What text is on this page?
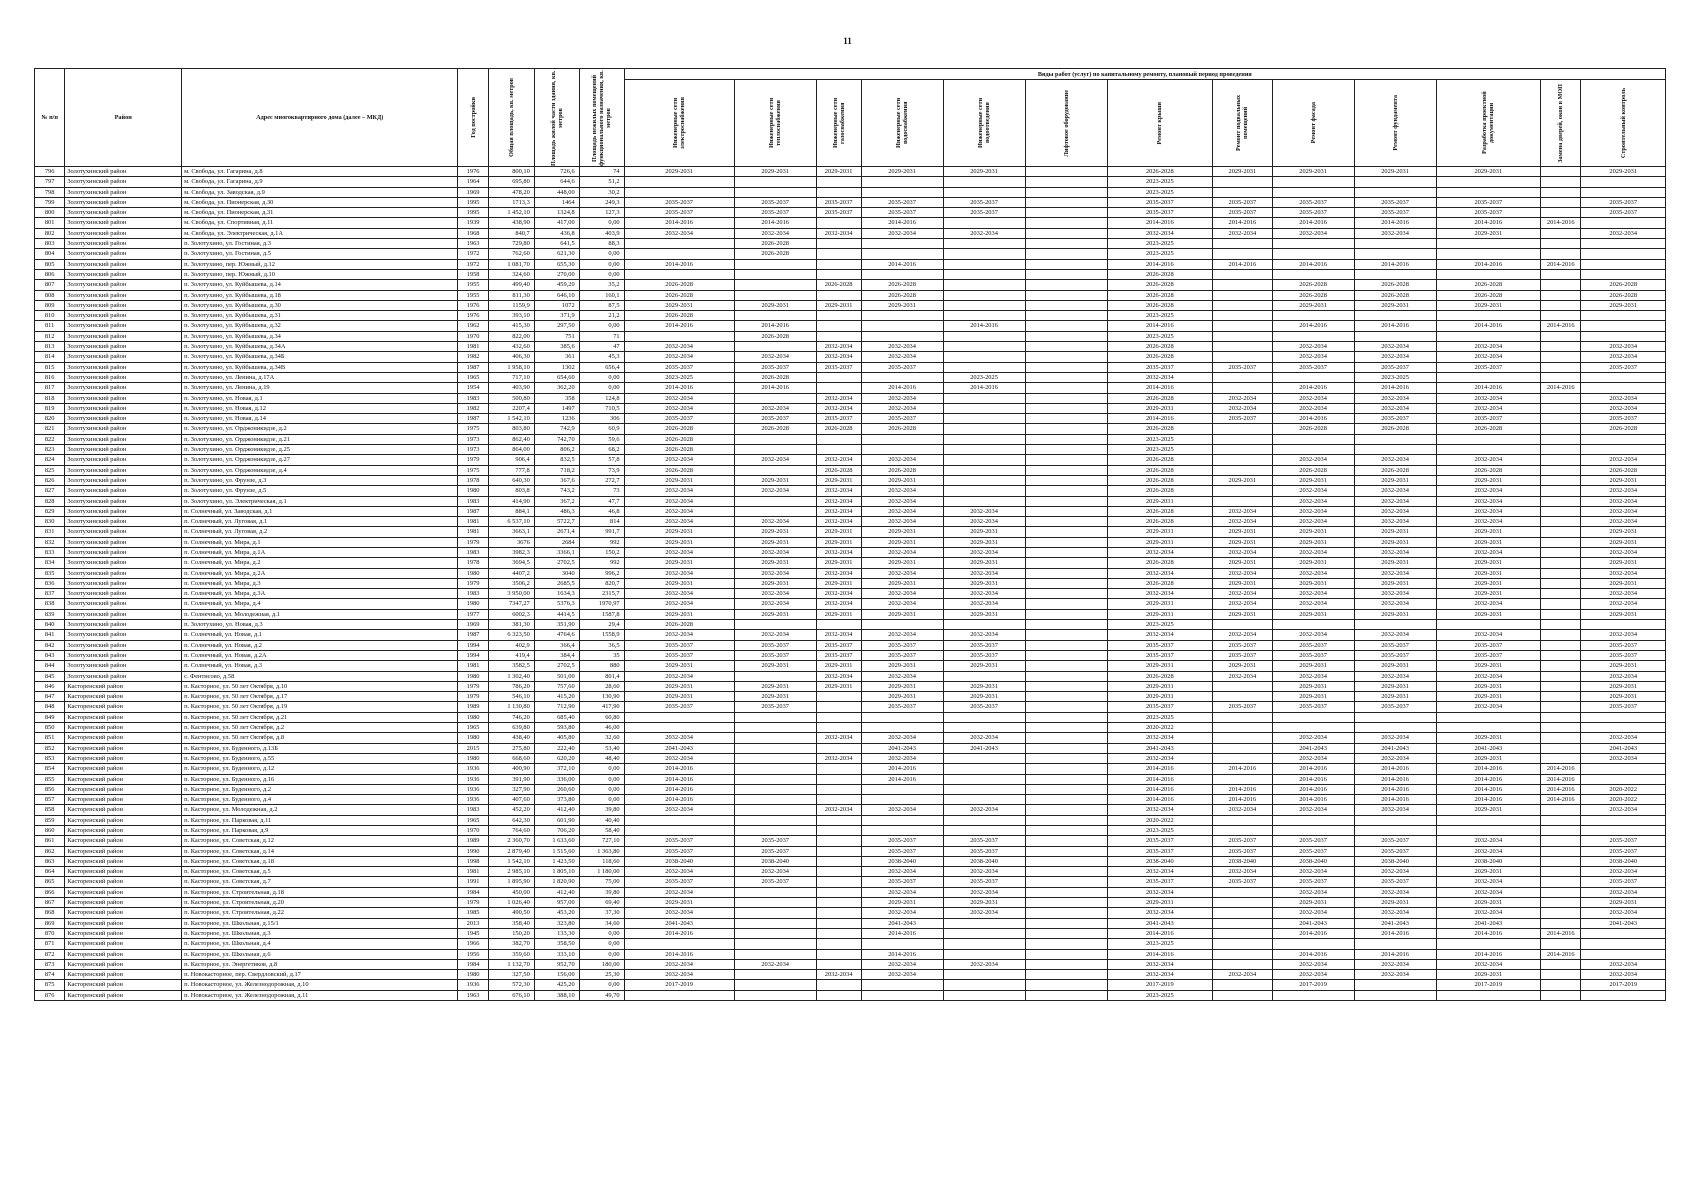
11
№ п/п	Район	Адрес многоквартирного дома (далее – МКД)	Год постройки	Общая площадь, кв. метров	Площадь жилой части здания, кв. метров	Площадь нежилых помещений функционального назначения, кв. метров	Виды работ (услуг) по капитальному ремонту, плановый период проведения												

							Инженерные сети электроснабжения	Инженерные сети теплоснабжения	Инженерные сети газоснабжения	Инженерные сети водоснабжения	Инженерные сети водоотведения	Лифтовое оборудование	Ремонт крыши	Ремонт подвальных помещений	Ремонт фасада	Ремонт фундамента	Разработка проектной документации	Замена дверей, окон в МОП	Строительный контроль

796	Золотухинский район	м. Свобода, ул. Гагарина, д.8	1976	800,10	726,6	74	2029-2031	2029-2031	2029-2031	2029-2031	2029-2031		2026-2028	2029-2031	2029-2031	2029-2031	2029-2031		2029-2031
797	Золотухинский район	м. Свобода, ул. Гагарина, д.9	1964	695,80	644,6	51,2							2023-2025						
798	Золотухинский район	м. Свобода, ул. Заводская, д.9	1969	478,20	448,00	30,2							2023-2025						
799	Золотухинский район	м. Свобода, ул. Пионерская, д.30	1995	1713,3	1464	249,3	2035-2037	2035-2037	2035-2037	2035-2037	2035-2037		2035-2037	2035-2037	2035-2037	2035-2037	2035-2037		2035-2037
800	Золотухинский район	м. Свобода, ул. Пионерская, д.31	1995	1 452,10	1324,8	127,3	2035-2037	2035-2037	2035-2037	2035-2037	2035-2037		2035-2037	2035-2037	2035-2037	2035-2037	2035-2037		2035-2037
801	Золотухинский район	м. Свобода, ул. Спортивная, д.11	1939	438,90	417,00	0,00	2014-2016	2014-2016		2014-2016			2014-2016	2014-2016	2014-2016	2014-2016	2014-2016	2014-2016	
802	Золотухинский район	м. Свобода, ул. Электрическая, д.1А	1968	840,7	436,8	403,9	2032-2034	2032-2034	2032-2034	2032-2034	2032-2034		2032-2034	2032-2034	2032-2034	2032-2034	2029-2031		2032-2034
803	Золотухинский район	п. Золотухино, ул. Гостиная, д.3	1963	729,80	641,5	88,3		2026-2028					2023-2025						
804	Золотухинский район	п. Золотухино, ул. Гостиная, д.5	1972	762,60	621,30	0,00		2026-2028					2023-2025						
805	Золотухинский район	п. Золотухино, пер. Южный, д.12	1972	1 081,70	655,30	0,00	2014-2016			2014-2016			2014-2016	2014-2016	2014-2016	2014-2016	2014-2016	2014-2016	
806	Золотухинский район	п. Золотухино, пер. Южный, д.10	1958	324,60	270,00	0,00							2026-2028						
807	Золотухинский район	п. Золотухино, ул. Куйбышева, д.14	1955	499,40	459,20	35,2	2026-2028		2026-2028	2026-2028			2026-2028		2026-2028	2026-2028	2026-2028		2026-2028
808	Золотухинский район	п. Золотухино, ул. Куйбышева, д.18	1955	811,30	646,10	160,1	2026-2028			2026-2028			2026-2028		2026-2028	2026-2028	2026-2028		2026-2028
809	Золотухинский район	п. Золотухино, ул. Куйбышева, д.30	1976	1159,9	1072	87,5	2029-2031	2029-2031	2029-2031	2029-2031			2026-2028		2029-2031	2029-2031	2029-2031		2029-2031
810	Золотухинский район	п. Золотухино, ул. Куйбышева, д.31	1976	393,10	371,9	21,2	2026-2028						2023-2025						
811	Золотухинский район	п. Золотухино, ул. Куйбышева, д.32	1962	415,30	297,50	0,00	2014-2016	2014-2016			2014-2016		2014-2016		2014-2016	2014-2016	2014-2016	2014-2016	
812	Золотухинский район	п. Золотухино, ул. Куйбышева, д.34	1970	822,00	751	71		2026-2028					2023-2025						
813	Золотухинский район	п. Золотухино, ул. Куйбышева, д.34А	1981	432,60	385,6	47	2032-2034		2032-2034	2032-2034			2026-2028		2032-2034	2032-2034	2032-2034		2032-2034
814	Золотухинский район	п. Золотухино, ул. Куйбышева, д.34Б	1982	406,30	361	45,3	2032-2034	2032-2034	2032-2034	2032-2034			2026-2028		2032-2034	2032-2034	2032-2034		2032-2034
815	Золотухинский район	п. Золотухино, ул. Куйбышева, д.34В	1987	1 958,10	1302	656,4	2035-2037	2035-2037	2035-2037	2035-2037			2035-2037	2035-2037	2035-2037	2035-2037	2035-2037		2035-2037
816	Золотухинский район	п. Золотухино, ул. Ленина, д.17А	1965	717,10	654,60	0,00	2023-2025	2026-2028			2023-2025		2032-2034			2023-2025			
817	Золотухинский район	п. Золотухино, ул. Ленина, д.19	1954	403,90	362,20	0,00	2014-2016	2014-2016		2014-2016	2014-2016		2014-2016		2014-2016	2014-2016	2014-2016	2014-2016	
818	Золотухинский район	п. Золотухино, ул. Новая, д.1	1983	500,80	358	124,8	2032-2034		2032-2034	2032-2034			2026-2028	2032-2034	2032-2034	2032-2034	2032-2034		2032-2034
819	Золотухинский район	п. Золотухино, ул. Новая, д.12	1982	2207,4	1497	710,5	2032-2034	2032-2034	2032-2034	2032-2034			2029-2031	2032-2034	2032-2034	2032-2034	2032-2034		2032-2034
820	Золотухинский район	п. Золотухино, ул. Новая, д.14	1987	1 542,10	1236	306	2035-2037	2035-2037	2035-2037	2035-2037			2014-2016	2035-2037	2014-2016	2035-2037	2035-2037		2035-2037
821	Золотухинский район	п. Золотухино, ул. Орджоникидзе, д.2	1975	803,80	742,9	60,9	2026-2028	2026-2028	2026-2028	2026-2028			2026-2028		2026-2028	2026-2028	2026-2028		2026-2028
822	Золотухинский район	п. Золотухино, ул. Орджоникидзе, д.21	1973	862,40	742,70	59,6	2026-2028						2023-2025						
823	Золотухинский район	п. Золотухино, ул. Орджоникидзе, д.25	1973	864,00	806,2	68,2	2026-2028						2023-2025						
824	Золотухинский район	п. Золотухино, ул. Орджоникидзе, д.27	1979	906,4	832,5	57,8	2032-2034	2032-2034	2032-2034	2032-2034			2026-2028		2032-2034	2032-2034	2032-2034		2032-2034
825	Золотухинский район	п. Золотухино, ул. Орджоникидзе, д.4	1975	777,8	718,2	73,9	2026-2028		2026-2028	2026-2028			2026-2028		2026-2028	2026-2028	2026-2028		2026-2028
826	Золотухинский район	п. Золотухино, ул. Фрунзе, д.3	1978	640,30	367,6	272,7	2029-2031	2029-2031	2029-2031	2029-2031			2026-2028	2029-2031	2029-2031	2029-2031	2029-2031		2029-2031
827	Золотухинский район	п. Золотухино, ул. Фрунзе, д.5	1980	803,8	743,2	73	2032-2034	2032-2034	2032-2034	2032-2034			2026-2028		2032-2034	2032-2034	2032-2034		2032-2034
828	Золотухинский район	п. Золотухино, ул. Электрическая, д.1	1983	414,90	367,2	47,7	2032-2034		2032-2034	2032-2034			2029-2031		2032-2034	2032-2034	2032-2034		2032-2034
829	Золотухинский район	п. Солнечный, ул. Заводская, д.1	1987	884,1	486,3	46,8	2032-2034		2032-2034	2032-2034	2032-2034		2026-2028	2032-2034	2032-2034	2032-2034	2032-2034		2032-2034
830	Золотухинский район	п. Солнечный, ул. Луговая, д.1	1981	6 537,10	5722,7	814	2032-2034	2032-2034	2032-2034	2032-2034	2032-2034		2026-2028	2032-2034	2032-2034	2032-2034	2032-2034		2032-2034
831	Золотухинский район	п. Солнечный, ул. Луговая, д.2	1981	3663,1	2671,4	991,7	2029-2031	2029-2031	2029-2031	2029-2031	2029-2031		2029-2031	2029-2031	2029-2031	2029-2031	2029-2031		2029-2031
832	Золотухинский район	п. Солнечный, ул. Мира, д.1	1979	3676	2684	992	2029-2031	2029-2031	2029-2031	2029-2031	2029-2031		2029-2031	2029-2031	2029-2031	2029-2031	2029-2031		2029-2031
833	Золотухинский район	п. Солнечный, ул. Мира, д.1А	1983	3982,3	3366,1	150,2	2032-2034	2032-2034	2032-2034	2032-2034	2032-2034		2032-2034	2032-2034	2032-2034	2032-2034	2032-2034		2032-2034
834	Золотухинский район	п. Солнечный, ул. Мира, д.2	1978	3694,5	2702,5	992	2029-2031	2029-2031	2029-2031	2029-2031	2029-2031		2026-2028	2029-2031	2029-2031	2029-2031	2029-2031		2029-2031
835	Золотухинский район	п. Солнечный, ул. Мира, д.2А	1980	4407,2	3040	996,2	2032-2034	2032-2034	2032-2034	2032-2034	2032-2034		2032-2034	2032-2034	2032-2034	2032-2034	2029-2031		2032-2034
836	Золотухинский район	п. Солнечный, ул. Мира, д.3	1979	3506,2	2685,5	820,7	2029-2031	2029-2031	2029-2031	2029-2031	2029-2031		2026-2028	2029-2031	2029-2031	2029-2031	2029-2031		2029-2031
837	Золотухинский район	п. Солнечный, ул. Мира, д.3А	1983	3 950,00	1634,3	2315,7	2032-2034	2032-2034	2032-2034	2032-2034	2032-2034		2032-2034	2032-2034	2032-2034	2032-2034	2029-2031		2032-2034
838	Золотухинский район	п. Солнечный, ул. Мира, д.4	1980	7347,27	5376,3	1970,97	2032-2034	2032-2034	2032-2034	2032-2034	2032-2034		2029-2031	2032-2034	2032-2034	2032-2034	2032-2034		2032-2034
839	Золотухинский район	п. Солнечный, ул. Молодежная, д.1	1977	6002,3	4414,5	1587,8	2029-2031	2029-2031	2029-2031	2029-2031	2029-2031		2029-2031	2029-2031	2029-2031	2029-2031	2029-2031		2029-2031
840	Золотухинский район	п. Золотухино, ул. Новая, д.3	1969	381,30	351,90	29,4	2026-2028						2023-2025						
841	Золотухинский район	п. Солнечный, ул. Новая, д.1	1987	6 323,50	4764,6	1558,9	2032-2034	2032-2034	2032-2034	2032-2034	2032-2034		2032-2034	2032-2034	2032-2034	2032-2034	2032-2034		2032-2034
842	Золотухинский район	п. Солнечный, ул. Новая, д.2	1994	402,9	366,4	36,5	2035-2037	2035-2037	2035-2037	2035-2037	2035-2037		2035-2037	2035-2037	2035-2037	2035-2037	2035-2037		2035-2037
843	Золотухинский район	п. Солнечный, ул. Новая, д.2А	1994	419,4	384,4	35	2035-2037	2035-2037	2035-2037	2035-2037	2035-2037		2035-2037	2035-2037	2035-2037	2035-2037	2035-2037		2035-2037
844	Золотухинский район	п. Солнечный, ул. Новая, д.3	1981	3582,5	2702,5	880	2029-2031	2029-2031	2029-2031	2029-2031	2029-2031		2029-2031	2029-2031	2029-2031	2029-2031	2029-2031		2029-2031
845	Золотухинский район	с. Фентисово, д.58	1980	1 302,40	501,00	801,4	2032-2034		2032-2034	2032-2034			2026-2028	2032-2034	2032-2034	2032-2034	2032-2034		2032-2034
846	Касторенский район	п. Касторное, ул. 50 лет Октября, д.10	1979	786,20	757,60	28,60	2029-2031	2029-2031	2029-2031	2029-2031	2029-2031		2029-2031		2029-2031	2029-2031	2029-2031		2029-2031
847	Касторенский район	п. Касторное, ул. 50 лет Октября, д.17	1979	546,10	415,20	130,90	2029-2031	2029-2031		2029-2031	2029-2031		2029-2031		2029-2031	2029-2031	2029-2031		2029-2031
848	Касторенский район	п. Касторное, ул. 50 лет Октября, д.19	1989	1 130,80	712,90	417,90	2035-2037	2035-2037		2035-2037	2035-2037		2035-2037	2035-2037	2035-2037	2035-2037	2032-2034		2035-2037
849	Касторенский район	п. Касторное, ул. 50 лет Октября, д.21	1980	746,20	685,40	60,80							2023-2025						
850	Касторенский район	п. Касторное, ул. 50 лет Октября, д.2	1965	639,80	593,80	46,00							2020-2022						
851	Касторенский район	п. Касторное, ул. 50 лет Октября, д.8	1980	438,40	405,80	32,60	2032-2034		2032-2034	2032-2034	2032-2034		2032-2034		2032-2034	2032-2034	2029-2031		2032-2034
852	Касторенский район	п. Касторное, ул. Буденного, д.13Б	2015	275,80	222,40	53,40	2041-2043			2041-2043	2041-2043		2041-2043		2041-2043	2041-2043	2041-2043		2041-2043
853	Касторенский район	п. Касторное, ул. Буденного, д.55	1980	668,60	620,20	48,40	2032-2034		2032-2034	2032-2034			2032-2034		2032-2034	2032-2034	2029-2031		2032-2034
854	Касторенский район	п. Касторное, ул. Буденного, д.12	1936	400,90	372,10	0,00	2014-2016			2014-2016			2014-2016	2014-2016	2014-2016	2014-2016	2014-2016	2014-2016	
855	Касторенский район	п. Касторное, ул. Буденного, д.16	1936	391,90	336,00	0,00	2014-2016			2014-2016			2014-2016		2014-2016	2014-2016	2014-2016	2014-2016	
856	Касторенский район	п. Касторное, ул. Буденного, д.2	1936	327,90	260,60	0,00	2014-2016						2014-2016	2014-2016	2014-2016	2014-2016	2014-2016	2014-2016	2020-2022
857	Касторенский район	п. Касторное, ул. Буденного, д.4	1936	407,60	373,80	0,00	2014-2016						2014-2016	2014-2016	2014-2016	2014-2016	2014-2016	2014-2016	2020-2022
858	Касторенский район	п. Касторное, ул. Молодежная, д.2	1983	452,20	412,40	39,80	2032-2034		2032-2034	2032-2034	2032-2034		2032-2034	2032-2034	2032-2034	2032-2034	2029-2031		2032-2034
859	Касторенский район	п. Касторное, ул. Парковая, д.11	1965	642,30	601,90	40,40							2020-2022						
860	Касторенский район	п. Касторное, ул. Парковая, д.9	1970	764,60	706,20	58,40							2023-2025						
861	Касторенский район	п. Касторное, ул. Советская, д.12	1989	2 360,70	1 633,60	727,10	2035-2037	2035-2037		2035-2037	2035-2037		2035-2037	2035-2037	2035-2037	2035-2037	2032-2034		2035-2037
862	Касторенский район	п. Касторное, ул. Советская, д.14	1990	2 879,40	1 515,60	1 363,80	2035-2037	2035-2037		2035-2037	2035-2037		2035-2037	2035-2037	2035-2037	2035-2037	2032-2034		2035-2037
863	Касторенский район	п. Касторное, ул. Советская, д.18	1998	1 542,10	1 423,50	118,60	2038-2040	2038-2040		2038-2040	2038-2040		2038-2040	2038-2040	2038-2040	2038-2040	2038-2040		2038-2040
864	Касторенский район	п. Касторное, ул. Советская, д.5	1981	2 985,10	1 805,10	1 180,00	2032-2034	2032-2034		2032-2034	2032-2034		2032-2034	2032-2034	2032-2034	2032-2034	2029-2031		2032-2034
865	Касторенский район	п. Касторное, ул. Советская, д.7	1991	1 895,90	1 820,90	75,00	2035-2037	2035-2037		2035-2037	2035-2037		2035-2037	2035-2037	2035-2037	2035-2037	2032-2034		2035-2037
866	Касторенский район	п. Касторное, ул. Строительная, д.18	1984	450,00	412,40	39,80	2032-2034			2032-2034	2032-2034		2032-2034		2032-2034	2032-2034	2032-2034		2032-2034
867	Касторенский район	п. Касторное, ул. Строительная, д.20	1979	1 026,40	957,00	69,40	2029-2031			2029-2031	2029-2031		2029-2031		2029-2031	2029-2031	2029-2031		2029-2031
868	Касторенский район	п. Касторное, ул. Строительная, д.22	1985	490,50	453,20	37,30	2032-2034			2032-2034	2032-2034		2032-2034		2032-2034	2032-2034	2032-2034		2032-2034
869	Касторенский район	п. Касторное, ул. Школьная, д.15/1	2013	358,40	323,80	34,60	2041-2043			2041-2043			2041-2043		2041-2043	2041-2043	2041-2043		2041-2043
870	Касторенский район	п. Касторное, ул. Школьная, д.3	1945	150,20	133,30	0,00	2014-2016			2014-2016			2014-2016		2014-2016	2014-2016	2014-2016	2014-2016	
871	Касторенский район	п. Касторное, ул. Школьная, д.4	1966	382,70	358,50	0,00							2023-2025						
872	Касторенский район	п. Касторное, ул. Школьная, д.6	1956	359,60	333,10	0,00	2014-2016			2014-2016			2014-2016		2014-2016	2014-2016	2014-2016	2014-2016	
873	Касторенский район	п. Касторное, ул. Энергетиков, д.8	1984	1 132,70	952,70	180,00	2032-2034	2032-2034		2032-2034	2032-2034		2032-2034		2032-2034	2032-2034	2032-2034		2032-2034
874	Касторенский район	п. Новокасторное, пер. Свердловский, д.17	1980	327,50	156,00	25,30	2032-2034		2032-2034	2032-2034			2032-2034	2032-2034	2032-2034	2032-2034	2029-2031		2032-2034
875	Касторенский район	п. Новокасторное, ул. Железнодорожная, д.10	1936	572,30	425,20	0,00	2017-2019						2017-2019		2017-2019		2017-2019		2017-2019
876	Касторенский район	п. Новокасторное, ул. Железнодорожная, д.11	1963	676,10	388,10	49,70							2023-2025						
